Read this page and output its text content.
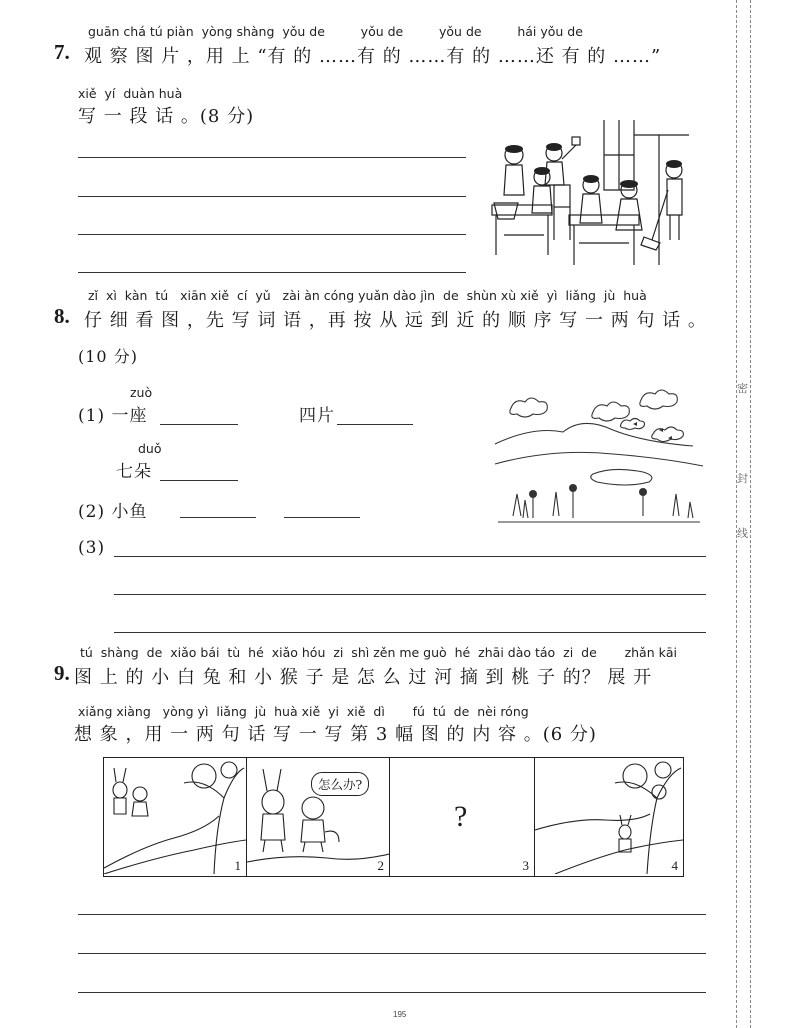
密
封
线
guān chá tú piàn  yòng shàng  yǒu de         yǒu de         yǒu de         hái yǒu de
7. 观 察 图 片 ，用 上 “有 的 ……有 的 ……有 的 ……还 有 的 ……”
xiě  yí  duàn huà
写 一 段 话 。(8 分)
zǐ  xì  kàn  tú   xiān xiě  cí  yǔ   zài àn cóng yuǎn dào jìn  de  shùn xù xiě  yì  liǎng  jù  huà
8. 仔 细 看 图 ，先 写 词 语 ，再 按 从 远 到 近 的 顺 序 写 一 两 句 话 。
(10 分)
zuò
(1) 一座	四片
duǒ
七朵
(2) 小鱼
(3)
tú  shàng  de  xiǎo bái  tù  hé  xiǎo hóu  zi  shì zěn me guò  hé  zhāi dào táo  zi  de       zhǎn kāi
9. 图 上 的 小 白 兔 和 小 猴 子 是 怎 么 过 河 摘 到 桃 子 的？ 展 开
xiǎng xiàng   yòng yì  liǎng  jù  huà xiě  yi  xiě  dì       fú  tú  de  nèi róng
想 象 ，用 一 两 句 话 写 一 写 第 3 幅 图 的 内 容 。(6 分)
1
怎么办?
2
?
3	4
195
